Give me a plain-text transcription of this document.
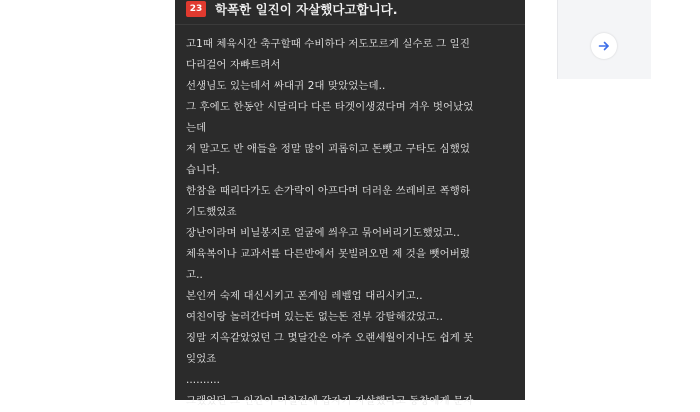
23 학폭한 일진이 자살했다고합니다.
고1때 체육시간 축구할때 수비하다 저도모르게 실수로 그 일진
다리걸어 자빠트려서
선생님도 있는데서 싸대귀 2대 맞았었는데..
그 후에도 한동안 시달리다 다른 타겟이생겼다며 겨우 벗어났었
는데
저 말고도 반 애들을 정말 많이 괴롭히고 돈뺏고 구타도 심했었
습니다.
한참을 때리다가도 손가락이 아프다며 더러운 쓰레비로 폭행하
기도했었죠
장난이라며 비닐봉지로 얼굴에 씌우고 묶어버리기도했었고..
체육복이나 교과서를 다른반에서 못빌려오면 제 것을 뺏어버렸
고..
본인꺼 숙제 대신시키고 폰게임 레벨업 대리시키고..
여친이랑 놀러간다며 있는돈 없는돈 전부 강탈해갔었고..
징말 지옥같았었던 그 몇달간은 아주 오랜세월이지나도 쉽게 못
잊었죠
..........
그랬었던 그 인간이 며칠전에 갑자기 자살했다고 동창에게 문자
